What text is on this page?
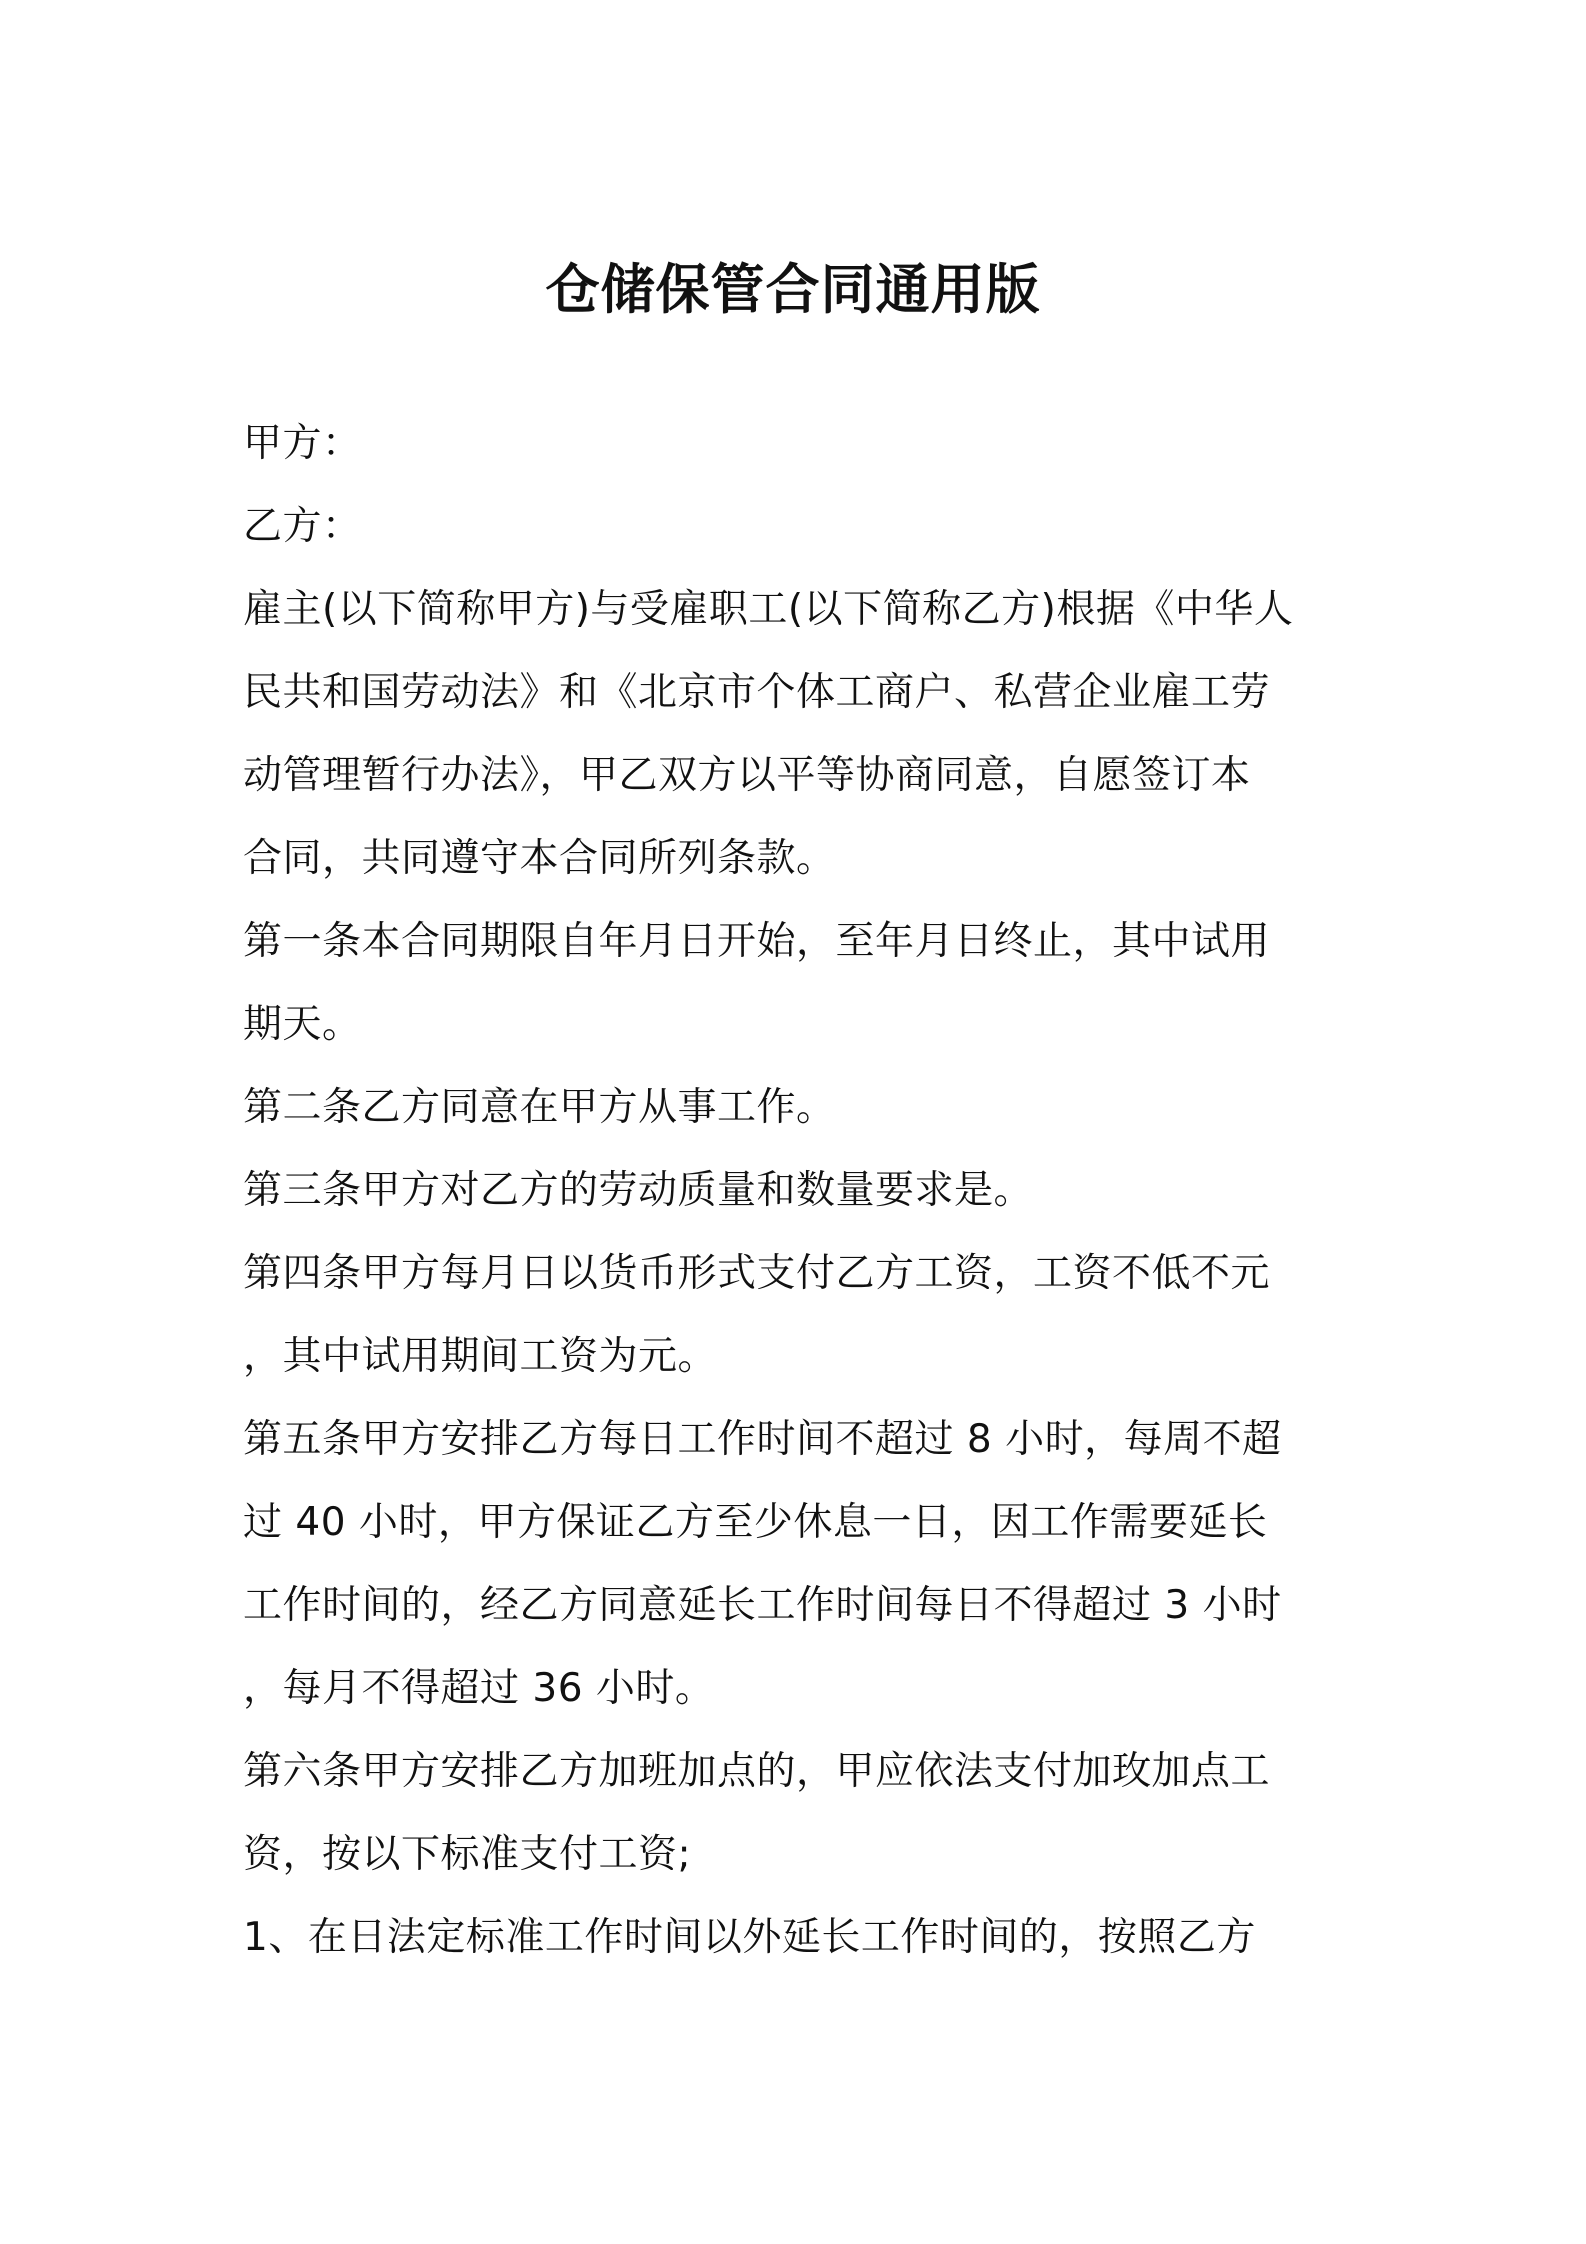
仓储保管合同通用版
甲方：
乙方：
雇主(以下简称甲方)与受雇职工(以下简称乙方)根据《中华人
民共和国劳动法》和《北京市个体工商户、私营企业雇工劳
动管理暂行办法》，甲乙双方以平等协商同意，自愿签订本
合同，共同遵守本合同所列条款。
第一条本合同期限自年月日开始，至年月日终止，其中试用
期天。
第二条乙方同意在甲方从事工作。
第三条甲方对乙方的劳动质量和数量要求是。
第四条甲方每月日以货币形式支付乙方工资，工资不低不元
，其中试用期间工资为元。
第五条甲方安排乙方每日工作时间不超过 8 小时，每周不超
过 40 小时，甲方保证乙方至少休息一日，因工作需要延长
工作时间的，经乙方同意延长工作时间每日不得超过 3 小时
，每月不得超过 36 小时。
第六条甲方安排乙方加班加点的，甲应依法支付加玫加点工
资，按以下标准支付工资;
1、在日法定标准工作时间以外延长工作时间的，按照乙方
